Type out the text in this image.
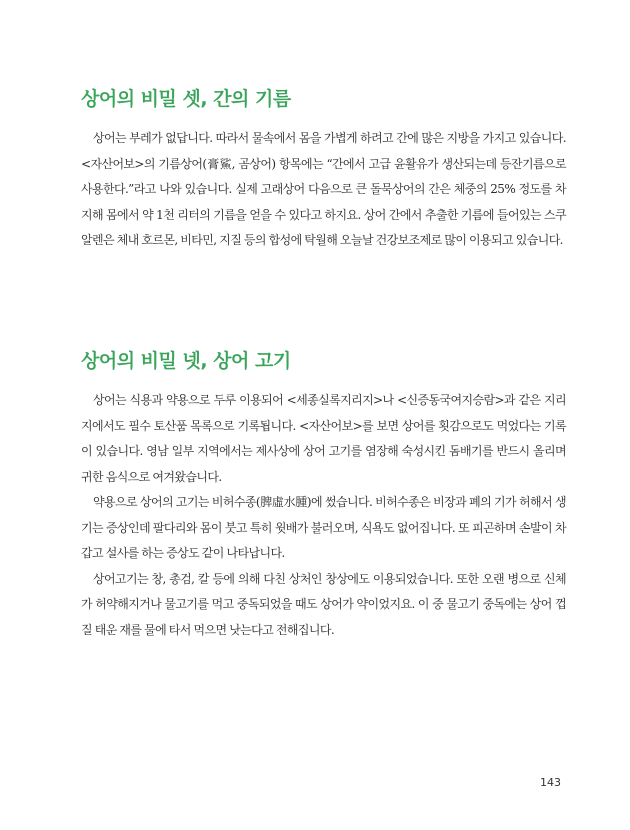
상어의 비밀 셋, 간의 기름

상어는 부레가 없답니다. 따라서 물속에서 몸을 가볍게 하려고 간에 많은 지방을 가지고 있습니다. <자산어보>의 기름상어(膏鯊, 곰상어) 항목에는 “간에서 고급 윤활유가 생산되는데 등잔기름으로 사용한다.”라고 나와 있습니다. 실제 고래상어 다음으로 큰 돌묵상어의 간은 체중의 25% 정도를 차지해 몸에서 약 1천 리터의 기름을 얻을 수 있다고 하지요. 상어 간에서 추출한 기름에 들어있는 스쿠알렌은 체내 호르몬, 비타민, 지질 등의 합성에 탁월해 오늘날 건강보조제로 많이 이용되고 있습니다.

상어의 비밀 넷, 상어 고기

상어는 식용과 약용으로 두루 이용되어 <세종실록지리지>나 <신증동국여지승람>과 같은 지리지에서도 필수 토산품 목록으로 기록됩니다. <자산어보>를 보면 상어를 횟감으로도 먹었다는 기록이 있습니다. 영남 일부 지역에서는 제사상에 상어 고기를 염장해 숙성시킨 돔배기를 반드시 올리며 귀한 음식으로 여겨왔습니다.

약용으로 상어의 고기는 비허수종(脾虛水腫)에 썼습니다. 비허수종은 비장과 폐의 기가 허해서 생기는 증상인데 팔다리와 몸이 붓고 특히 윗배가 불러오며, 식욕도 없어집니다. 또 피곤하며 손발이 차갑고 설사를 하는 증상도 같이 나타납니다.

상어고기는 창, 총검, 칼 등에 의해 다친 상처인 창상에도 이용되었습니다. 또한 오랜 병으로 신체가 허약해지거나 물고기를 먹고 중독되었을 때도 상어가 약이었지요. 이 중 물고기 중독에는 상어 껍질 태운 재를 물에 타서 먹으면 낫는다고 전해집니다.

143
